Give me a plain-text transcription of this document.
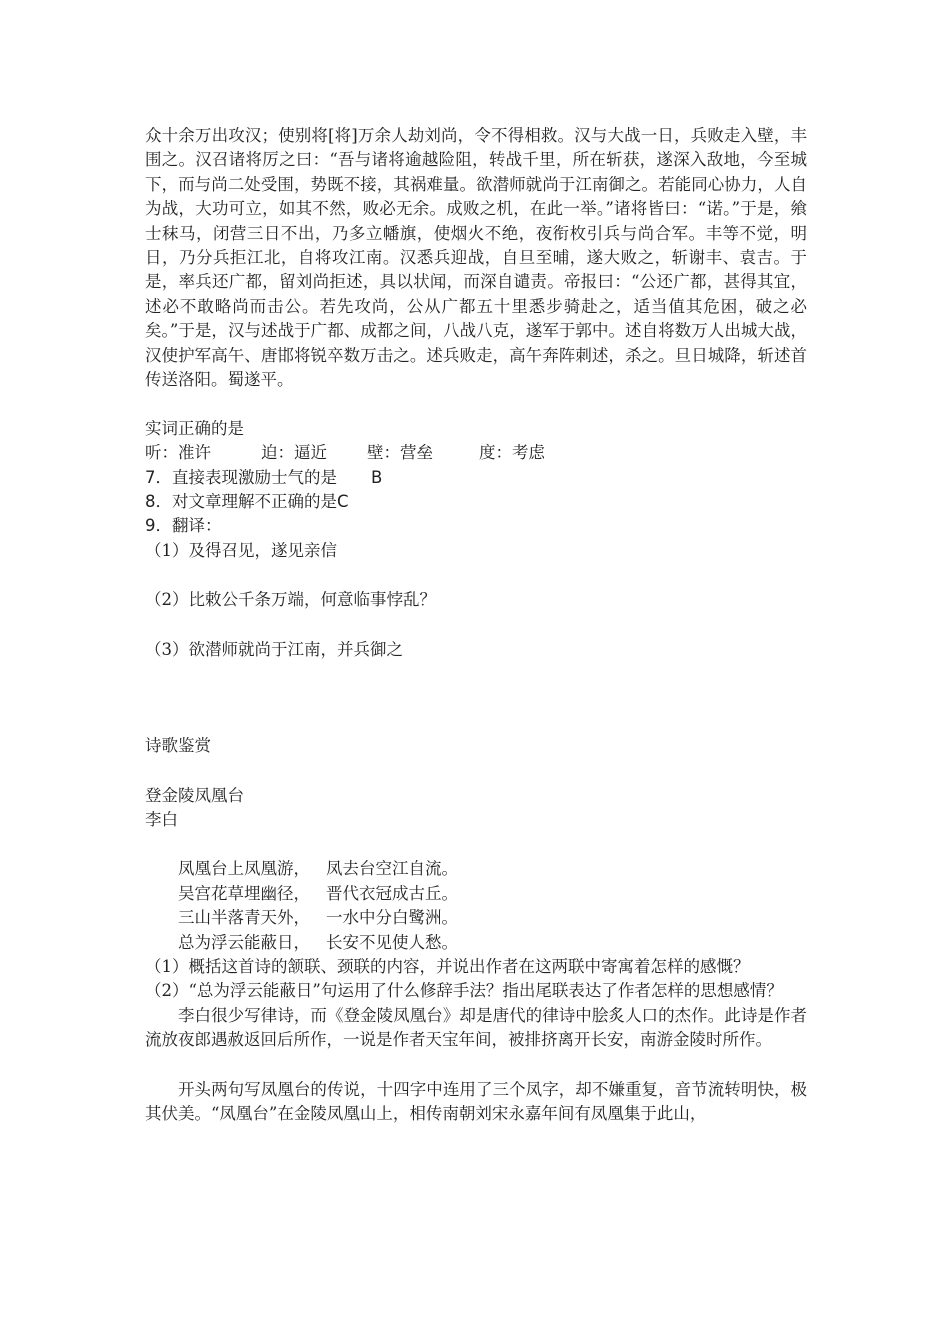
众十余万出攻汉；使别将[将]万余人劫刘尚，令不得相救。汉与大战一日，兵败走入壁，丰围之。汉召诸将厉之曰：“吾与诸将逾越险阻，转战千里，所在斩获，遂深入敌地，今至城下，而与尚二处受围，势既不接，其祸难量。欲潜师就尚于江南御之。若能同心协力，人自为战，大功可立，如其不然，败必无余。成败之机，在此一举。”诸将皆曰：“诺。”于是，飨士秣马，闭营三日不出，乃多立幡旗，使烟火不绝，夜衔枚引兵与尚合军。丰等不觉，明日，乃分兵拒江北，自将攻江南。汉悉兵迎战，自旦至晡，遂大败之，斩谢丰、袁吉。于是，率兵还广都，留刘尚拒述，具以状闻，而深自谴责。帝报曰：“公还广都，甚得其宜，述必不敢略尚而击公。若先攻尚，公从广都五十里悉步骑赴之，适当值其危困，破之必矣。”于是，汉与述战于广都、成都之间，八战八克，遂军于郭中。述自将数万人出城大战，汉使护军高午、唐邯将锐卒数万击之。述兵败走，高午奔阵刺述，杀之。旦日城降，斩述首传送洛阳。蜀遂平。

实词正确的是

听：准许	迫：逼近 壁：营垒	度：考虑

7．直接表现激励士气的是 B

8．对文章理解不正确的是C

9．翻译：

（1）及得召见，遂见亲信

（2）比敕公千条万端，何意临事悖乱？

（3）欲潜师就尚于江南，并兵御之

诗歌鉴赏

登金陵凤凰台

李白

凤凰台上凤凰游， 凤去台空江自流。

吴宫花草埋幽径， 晋代衣冠成古丘。

三山半落青天外， 一水中分白鹭洲。

总为浮云能蔽日， 长安不见使人愁。

（1）概括这首诗的颔联、颈联的内容，并说出作者在这两联中寄寓着怎样的感慨？

（2）“总为浮云能蔽日”句运用了什么修辞手法？指出尾联表达了作者怎样的思想感情？

李白很少写律诗，而《登金陵凤凰台》却是唐代的律诗中脍炙人口的杰作。此诗是作者流放夜郎遇赦返回后所作，一说是作者天宝年间，被排挤离开长安，南游金陵时所作。

开头两句写凤凰台的传说，十四字中连用了三个凤字，却不嫌重复，音节流转明快，极其伏美。“凤凰台”在金陵凤凰山上，相传南朝刘宋永嘉年间有凤凰集于此山，
